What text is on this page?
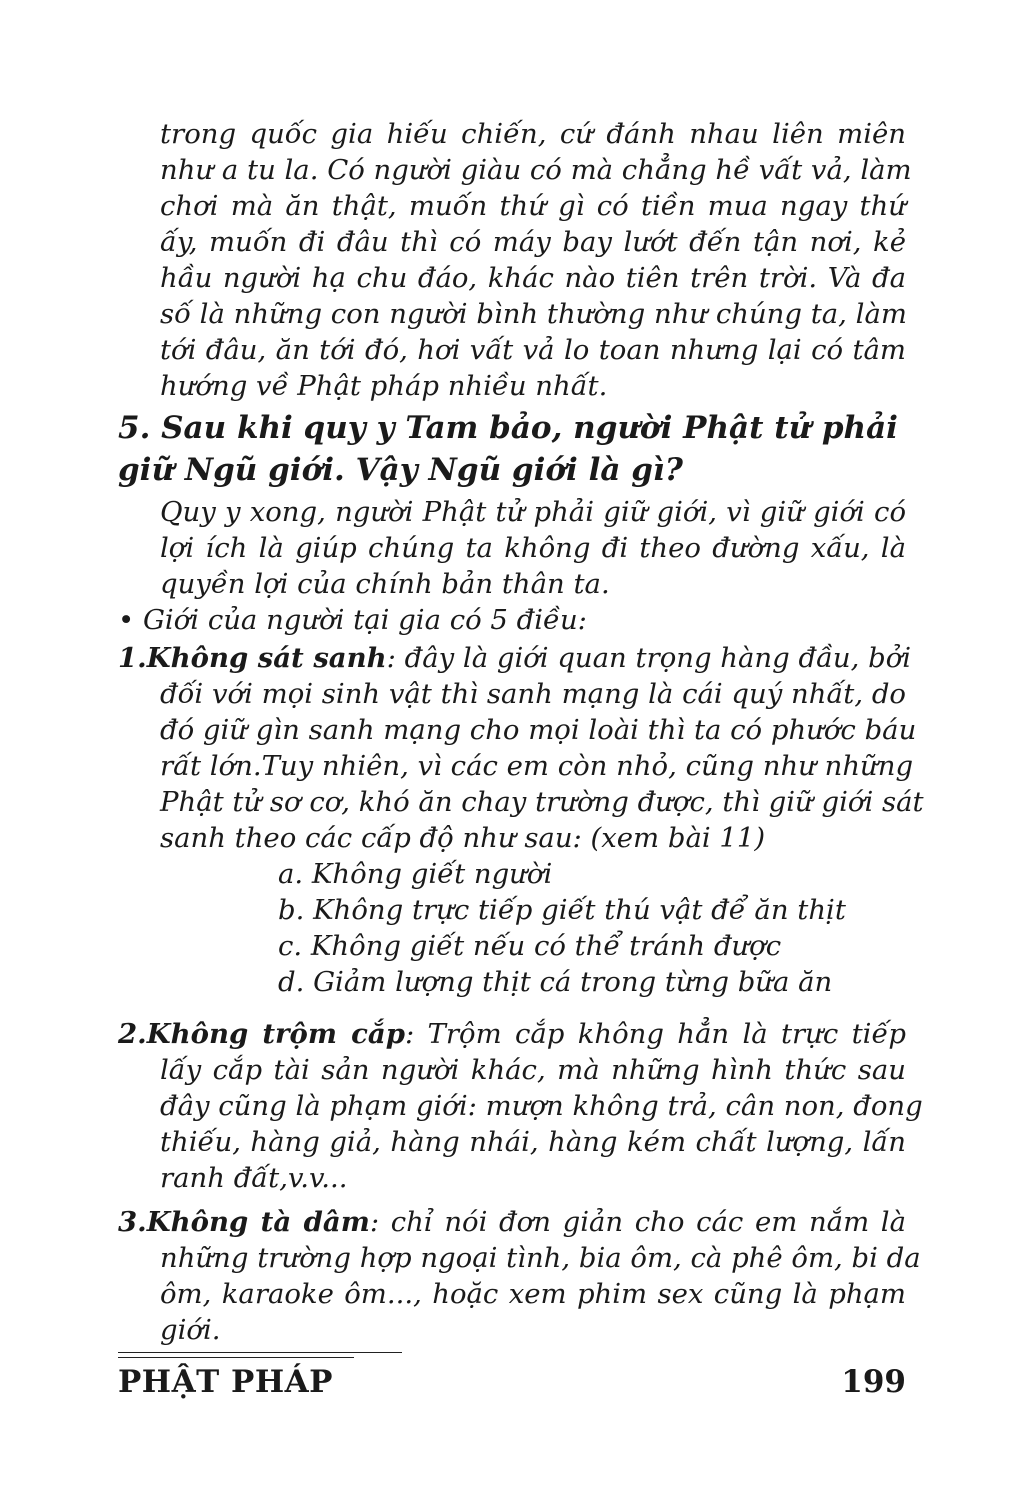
trong quốc gia hiếu chiến, cứ đánh nhau liên miên
như a tu la. Có người giàu có mà chẳng hề vất vả, làm
chơi mà ăn thật, muốn thứ gì có tiền mua ngay thứ
ấy, muốn đi đâu thì có máy bay lướt đến tận nơi, kẻ
hầu người hạ chu đáo, khác nào tiên trên trời. Và đa
số là những con người bình thường như chúng ta, làm
tới đâu, ăn tới đó, hơi vất vả lo toan nhưng lại có tâm
hướng về Phật pháp nhiều nhất.
5. Sau khi quy y Tam bảo, người Phật tử phải
giữ Ngũ giới. Vậy Ngũ giới là gì?
Quy y xong, người Phật tử phải giữ giới, vì giữ giới có
lợi ích là giúp chúng ta không đi theo đường xấu, là
quyền lợi của chính bản thân ta.
• Giới của người tại gia có 5 điều:
1.Không sát sanh: đây là giới quan trọng hàng đầu, bởi
đối với mọi sinh vật thì sanh mạng là cái quý nhất, do
đó giữ gìn sanh mạng cho mọi loài thì ta có phước báu
rất lớn.Tuy nhiên, vì các em còn nhỏ, cũng như những
Phật tử sơ cơ, khó ăn chay trường được, thì giữ giới sát
sanh theo các cấp độ như sau: (xem bài 11)
a. Không giết người
b. Không trực tiếp giết thú vật để ăn thịt
c. Không giết nếu có thể tránh được
d. Giảm lượng thịt cá trong từng bữa ăn
2.Không trộm cắp: Trộm cắp không hẳn là trực tiếp
lấy cắp tài sản người khác, mà những hình thức sau
đây cũng là phạm giới: mượn không trả, cân non, đong
thiếu, hàng giả, hàng nhái, hàng kém chất lượng, lấn
ranh đất,v.v...
3.Không tà dâm: chỉ nói đơn giản cho các em nắm là
những trường hợp ngoại tình, bia ôm, cà phê ôm, bi da
ôm, karaoke ôm..., hoặc xem phim sex cũng là phạm
giới.
PHẬT PHÁP	199
